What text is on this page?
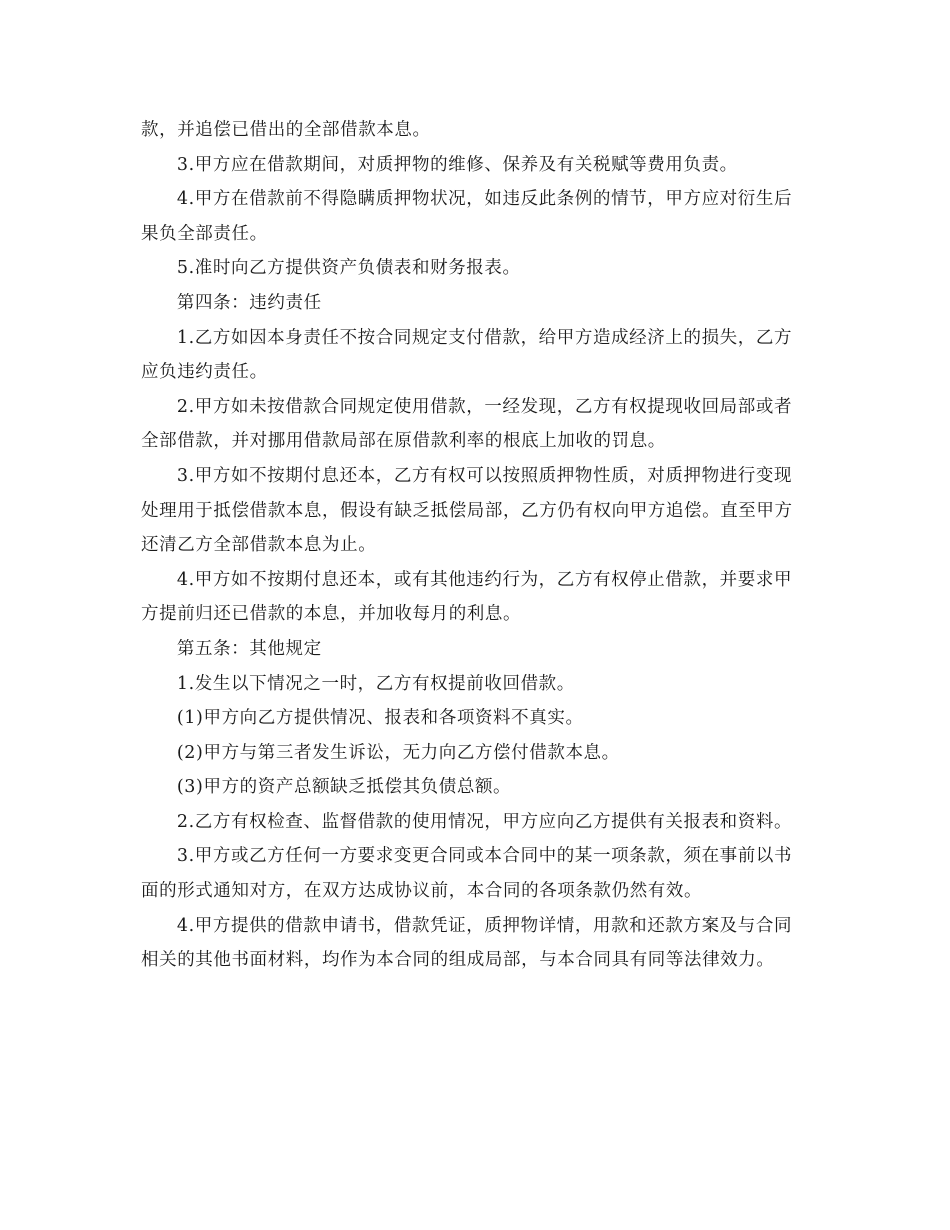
款，并追偿已借出的全部借款本息。

3.甲方应在借款期间，对质押物的维修、保养及有关税赋等费用负责。

4.甲方在借款前不得隐瞒质押物状况，如违反此条例的情节，甲方应对衍生后果负全部责任。

5.准时向乙方提供资产负债表和财务报表。

第四条：违约责任

1.乙方如因本身责任不按合同规定支付借款，给甲方造成经济上的损失，乙方应负违约责任。

2.甲方如未按借款合同规定使用借款，一经发现，乙方有权提现收回局部或者全部借款，并对挪用借款局部在原借款利率的根底上加收的罚息。

3.甲方如不按期付息还本，乙方有权可以按照质押物性质，对质押物进行变现处理用于抵偿借款本息，假设有缺乏抵偿局部，乙方仍有权向甲方追偿。直至甲方还清乙方全部借款本息为止。

4.甲方如不按期付息还本，或有其他违约行为，乙方有权停止借款，并要求甲方提前归还已借款的本息，并加收每月的利息。

第五条：其他规定

1.发生以下情况之一时，乙方有权提前收回借款。

(1)甲方向乙方提供情况、报表和各项资料不真实。

(2)甲方与第三者发生诉讼，无力向乙方偿付借款本息。

(3)甲方的资产总额缺乏抵偿其负债总额。

2.乙方有权检查、监督借款的使用情况，甲方应向乙方提供有关报表和资料。

3.甲方或乙方任何一方要求变更合同或本合同中的某一项条款，须在事前以书面的形式通知对方，在双方达成协议前，本合同的各项条款仍然有效。

4.甲方提供的借款申请书，借款凭证，质押物详情，用款和还款方案及与合同相关的其他书面材料，均作为本合同的组成局部，与本合同具有同等法律效力。
